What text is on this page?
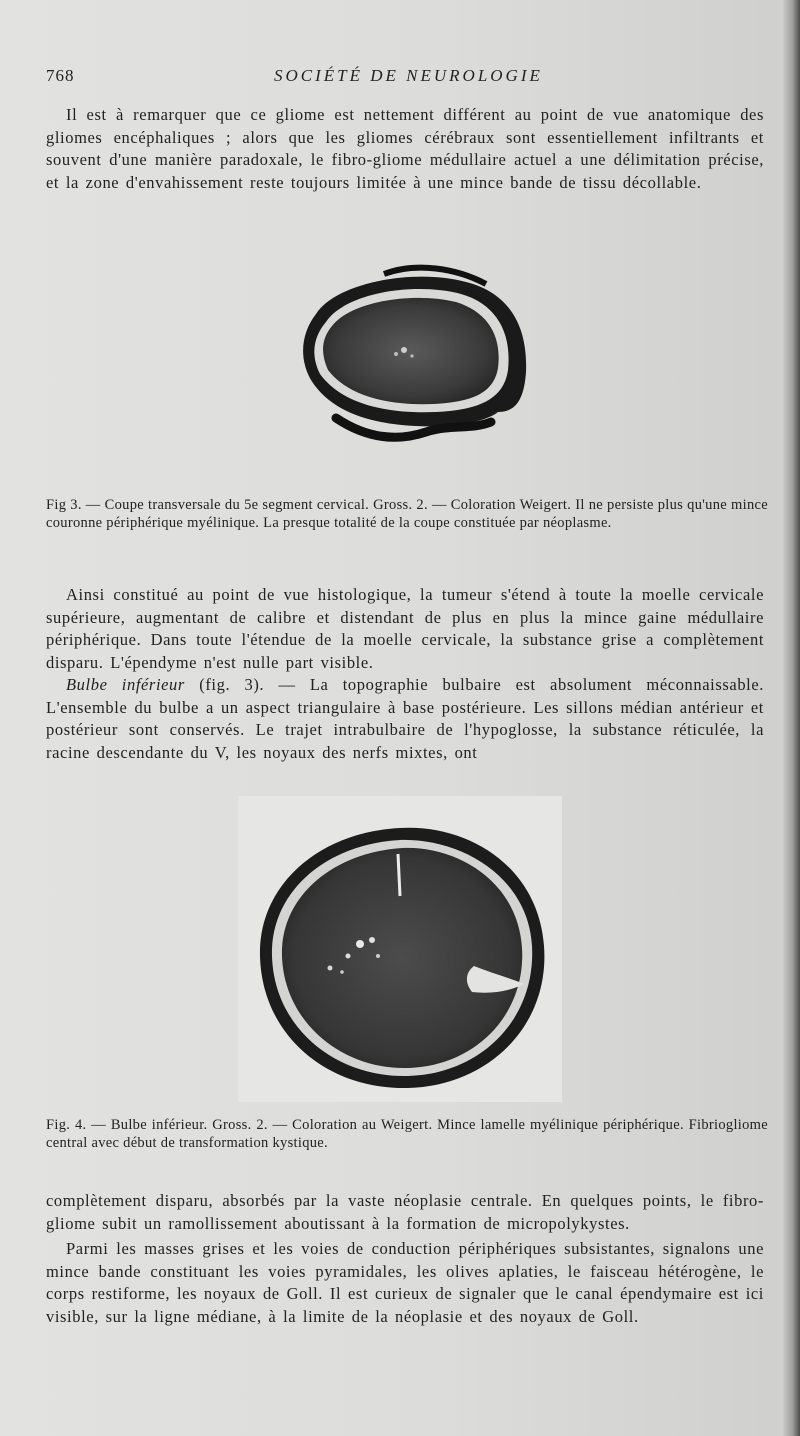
768	SOCIÉTÉ DE NEUROLOGIE

Il est à remarquer que ce gliome est nettement différent au point de vue anatomique des gliomes encéphaliques ; alors que les gliomes cérébraux sont essentiellement infiltrants et souvent d'une manière paradoxale, le fibro-gliome médullaire actuel a une délimitation précise, et la zone d'envahissement reste toujours limitée à une mince bande de tissu décollable.

Fig 3. — Coupe transversale du 5e segment cervical. Gross. 2. — Coloration Weigert. Il ne persiste plus qu'une mince couronne périphérique myélinique. La presque totalité de la coupe constituée par néoplasme.

Ainsi constitué au point de vue histologique, la tumeur s'étend à toute la moelle cervicale supérieure, augmentant de calibre et distendant de plus en plus la mince gaine médullaire périphérique. Dans toute l'étendue de la moelle cervicale, la substance grise a complètement disparu. L'épendyme n'est nulle part visible.

Bulbe inférieur (fig. 3). — La topographie bulbaire est absolument méconnaissable. L'ensemble du bulbe a un aspect triangulaire à base postérieure. Les sillons médian antérieur et postérieur sont conservés. Le trajet intrabulbaire de l'hypoglosse, la substance réticulée, la racine descendante du V, les noyaux des nerfs mixtes, ont

Fig. 4. — Bulbe inférieur. Gross. 2. — Coloration au Weigert. Mince lamelle myélinique périphérique. Fibriogliome central avec début de transformation kystique.

complètement disparu, absorbés par la vaste néoplasie centrale. En quelques points, le fibro-gliome subit un ramollissement aboutissant à la formation de micropolykystes.

Parmi les masses grises et les voies de conduction périphériques subsistantes, signalons une mince bande constituant les voies pyramidales, les olives aplaties, le faisceau hétérogène, le corps restiforme, les noyaux de Goll. Il est curieux de signaler que le canal épendymaire est ici visible, sur la ligne médiane, à la limite de la néoplasie et des noyaux de Goll.
